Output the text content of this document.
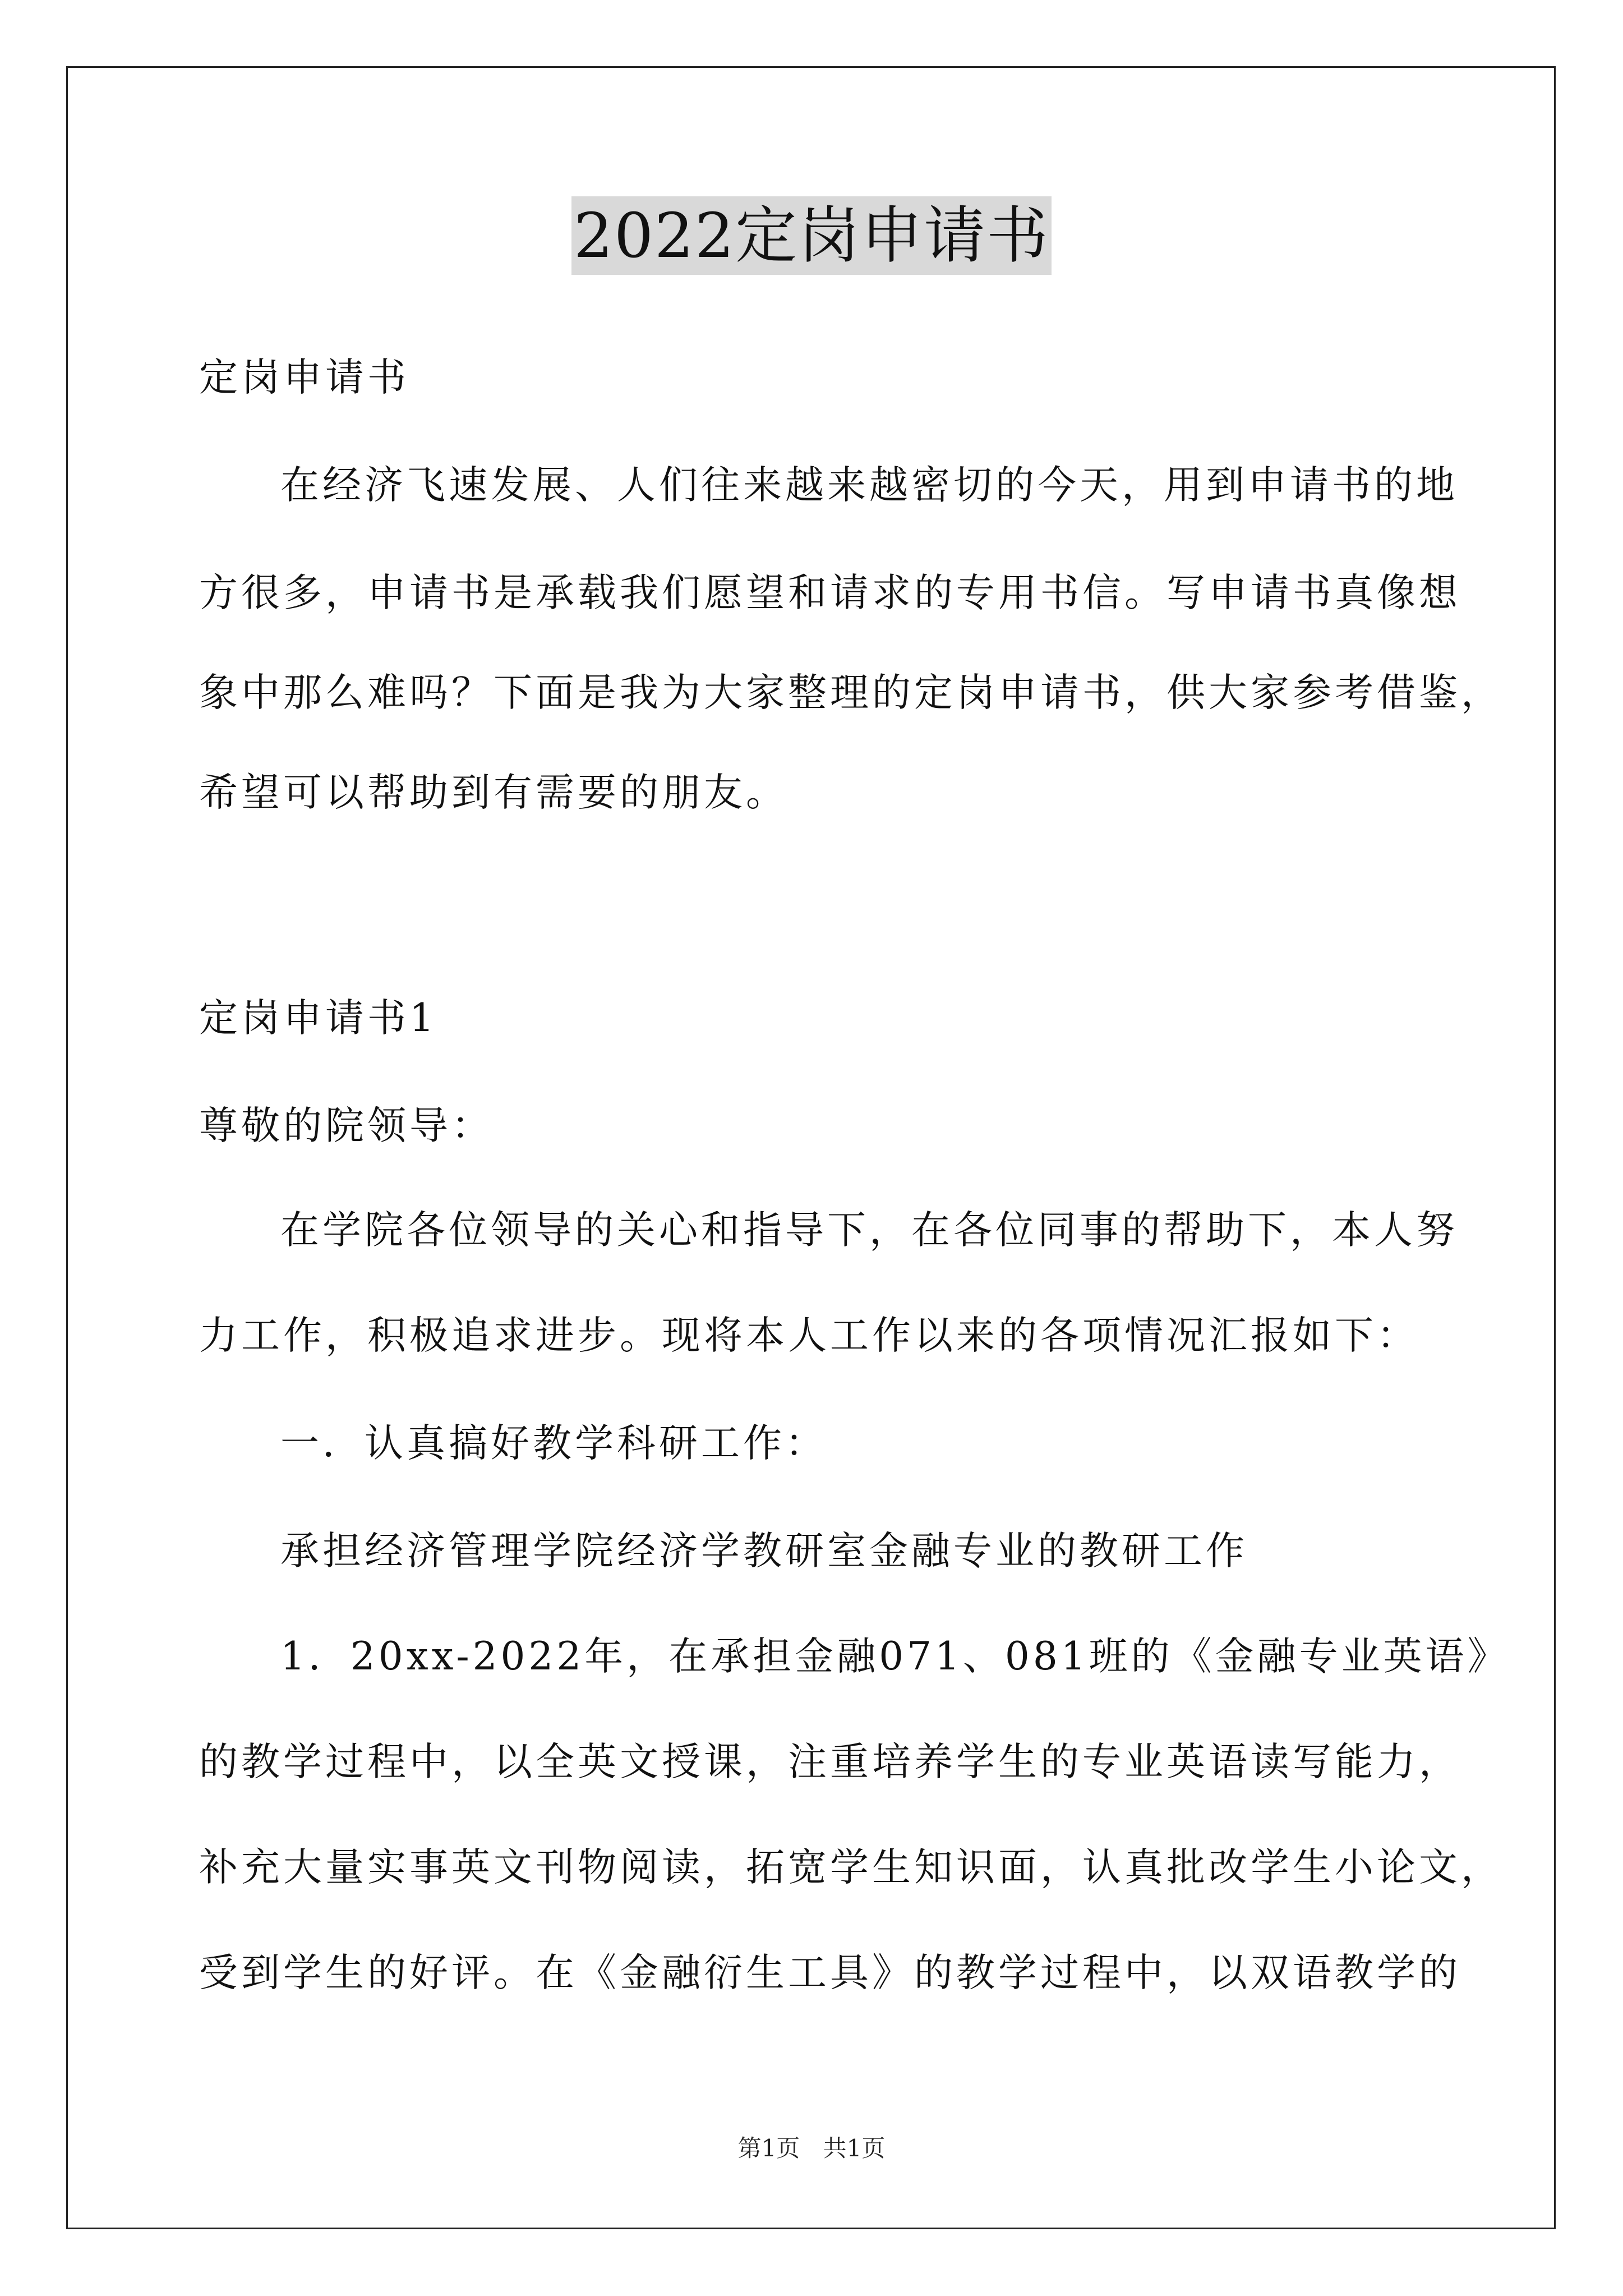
2022定岗申请书
定岗申请书
在经济飞速发展、人们往来越来越密切的今天，用到申请书的地
方很多，申请书是承载我们愿望和请求的专用书信。写申请书真像想
象中那么难吗？下面是我为大家整理的定岗申请书，供大家参考借鉴，
希望可以帮助到有需要的朋友。
定岗申请书1
尊敬的院领导：
在学院各位领导的关心和指导下，在各位同事的帮助下，本人努
力工作，积极追求进步。现将本人工作以来的各项情况汇报如下：
一．认真搞好教学科研工作：
承担经济管理学院经济学教研室金融专业的教研工作
1．20xx-2022年，在承担金融071、081班的《金融专业英语》
的教学过程中，以全英文授课，注重培养学生的专业英语读写能力，
补充大量实事英文刊物阅读，拓宽学生知识面，认真批改学生小论文，
受到学生的好评。在《金融衍生工具》的教学过程中，以双语教学的
第1页 共1页
